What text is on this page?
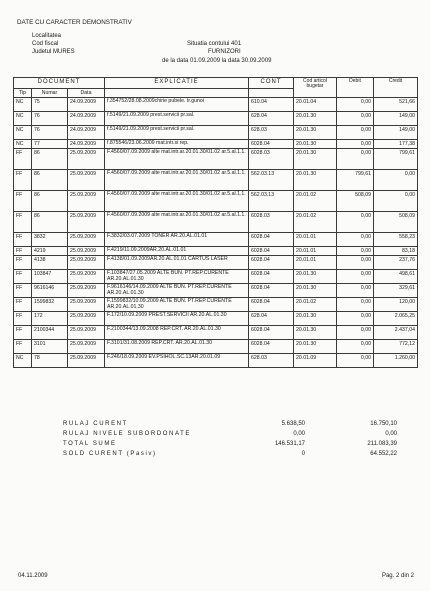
DATE CU CARACTER DEMONSTRATIV
Localitatea
Cod fiscal
Judetul MURES
Situatia contului 401
FURNIZORI
de la data 01.09.2009 la data 30.09.2009
DOCUMENT			EXPLICATIE	CONT	Cod articol bugetar	Debit	Credit
Tip	Numar	Data					
NC	75	24.09.2009	f.354752/28.08.2009chirie pubele. tr.gunoi	610.04	20.01.04	0,00	521,66
NC	76	24.09.2009	f.5149/21.09.2009 prest.servicii pr.sal.	628.04	20.01.30	0,00	149,00
NC	76	24.09.2009	f.5149/21.09.2009 prest.servicii pr.sal.	628.03	20.01.30	0,00	149,00
NC	77	24.09.2009	f.875546/23.06.2009 mat.intr.si rep.	6028.04	20.01.30	0,00	177,38
FF	86	25.09.2009	F.4560/07.09.2009 alte mat.intr.ar.20.01.30/01.02 ar.5.al.1.1.	6028.03	20.01.30	0,00	799,61
FF	86	25.09.2009	F.4560/07.09.2009 alte mat.intr.ar.20.01.30/01.02 ar.5.al.1.1.	562.03.13	20.01.30	799,61	0,00
FF	86	25.09.2009	F.4560/07.09.2009 alte mat.intr.ar.20.01.30/01.02 ar.5.al.1.1.	562.03.13	20.01.02	508,09	0,00
FF	86	25.09.2009	F.4560/07.09.2009 alte mat.intr.ar.20.01.30/01.02 ar.5.al.1.1.	6028.03	20.01.02	0,00	508,09
FF	3832	25.09.2009	F.3832/03.07.2009 TONER AR.20.AL.01.01	6028.04	20.01.01	0,00	558,23
FF	4219	25.09.2009	F.4219/11.09.2009AR.20.AL.01.01	6028.04	20.01.01	0,00	83,18
FF	4138	25.09.2009	F.4138/01.09.2009AR.20.AL.01.01 CARTUS LASER	6028.04	20.01.01	0,00	237,76
FF	103847	25.09.2009	F.103847/27.05.2009 ALTE BUN. PT.REP.CURENTE AR.20.AL.01.30	6028.04	20.01.30	0,00	498,61
FF	9616146	25.09.2009	F.9616146/14.09.2009 ALTE BUN. PT.REP.CURENTE AR.20.AL.01.30	6028.04	20.01.30	0,00	329,61
FF	1599832	25.09.2009	F.1599832/10.09.2009 ALTE BUN. PT.REP.CURENTE AR.20.AL.01.30	6028.04	20.01.02	0,00	120,00
FF	172	25.09.2009	F.172/10.09.2009 PREST.SERVICII AR.20.AL.01.30	628.04	20.01.30	0,00	2.065,25
FF	2100344	25.09.2009	F.2100344/13.09.2008 REP.CRT. AR.20.AL.01.30	6028.04	20.01.30	0,00	2.437,04
FF	3101	25.09.2009	F.3101/31.08.2009 REP.CRT. AR.20.AL.01.30	6028.04	20.01.30	0,00	772,12
NC	78	25.09.2009	F.246/18.09.2009 EV.PSIHOL.SC.13AR.20.01.09	628.03	20.01.09	0,00	1.260,00
RULAJ CURENT	5.638,50	16.750,10
RULAJ NIVELE SUBORDONATE	0,00	0,00
TOTAL SUME	146.531,17	211.083,39
SOLD CURENT (Pasiv)	0	64.552,22
04.11.2009	Pag. 2 din 2
